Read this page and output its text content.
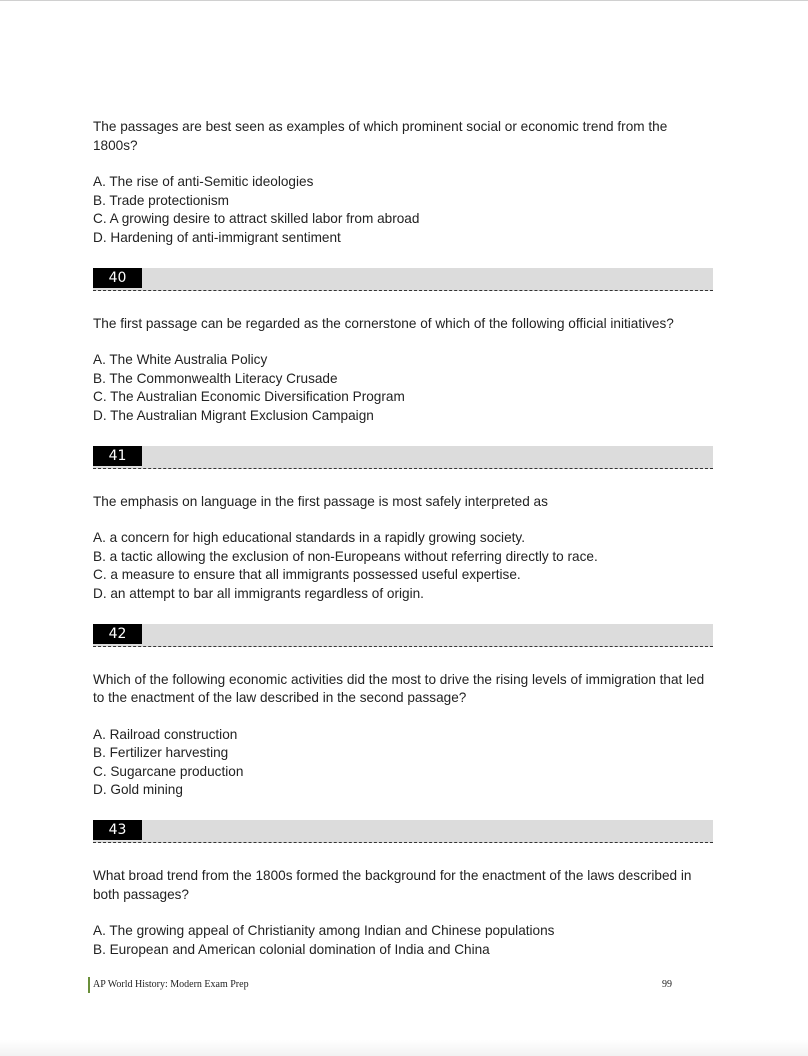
The passages are best seen as examples of which prominent social or economic trend from the 1800s?

A. The rise of anti-Semitic ideologies
B. Trade protectionism
C. A growing desire to attract skilled labor from abroad
D. Hardening of anti-immigrant sentiment
40

The first passage can be regarded as the cornerstone of which of the following official initiatives?

A. The White Australia Policy
B. The Commonwealth Literacy Crusade
C. The Australian Economic Diversification Program
D. The Australian Migrant Exclusion Campaign
41

The emphasis on language in the first passage is most safely interpreted as

A. a concern for high educational standards in a rapidly growing society.
B. a tactic allowing the exclusion of non-Europeans without referring directly to race.
C. a measure to ensure that all immigrants possessed useful expertise.
D. an attempt to bar all immigrants regardless of origin.
42

Which of the following economic activities did the most to drive the rising levels of immigration that led to the enactment of the law described in the second passage?

A. Railroad construction
B. Fertilizer harvesting
C. Sugarcane production
D. Gold mining
43

What broad trend from the 1800s formed the background for the enactment of the laws described in both passages?

A. The growing appeal of Christianity among Indian and Chinese populations
B. European and American colonial domination of India and China
AP World History: Modern Exam Prep	99
